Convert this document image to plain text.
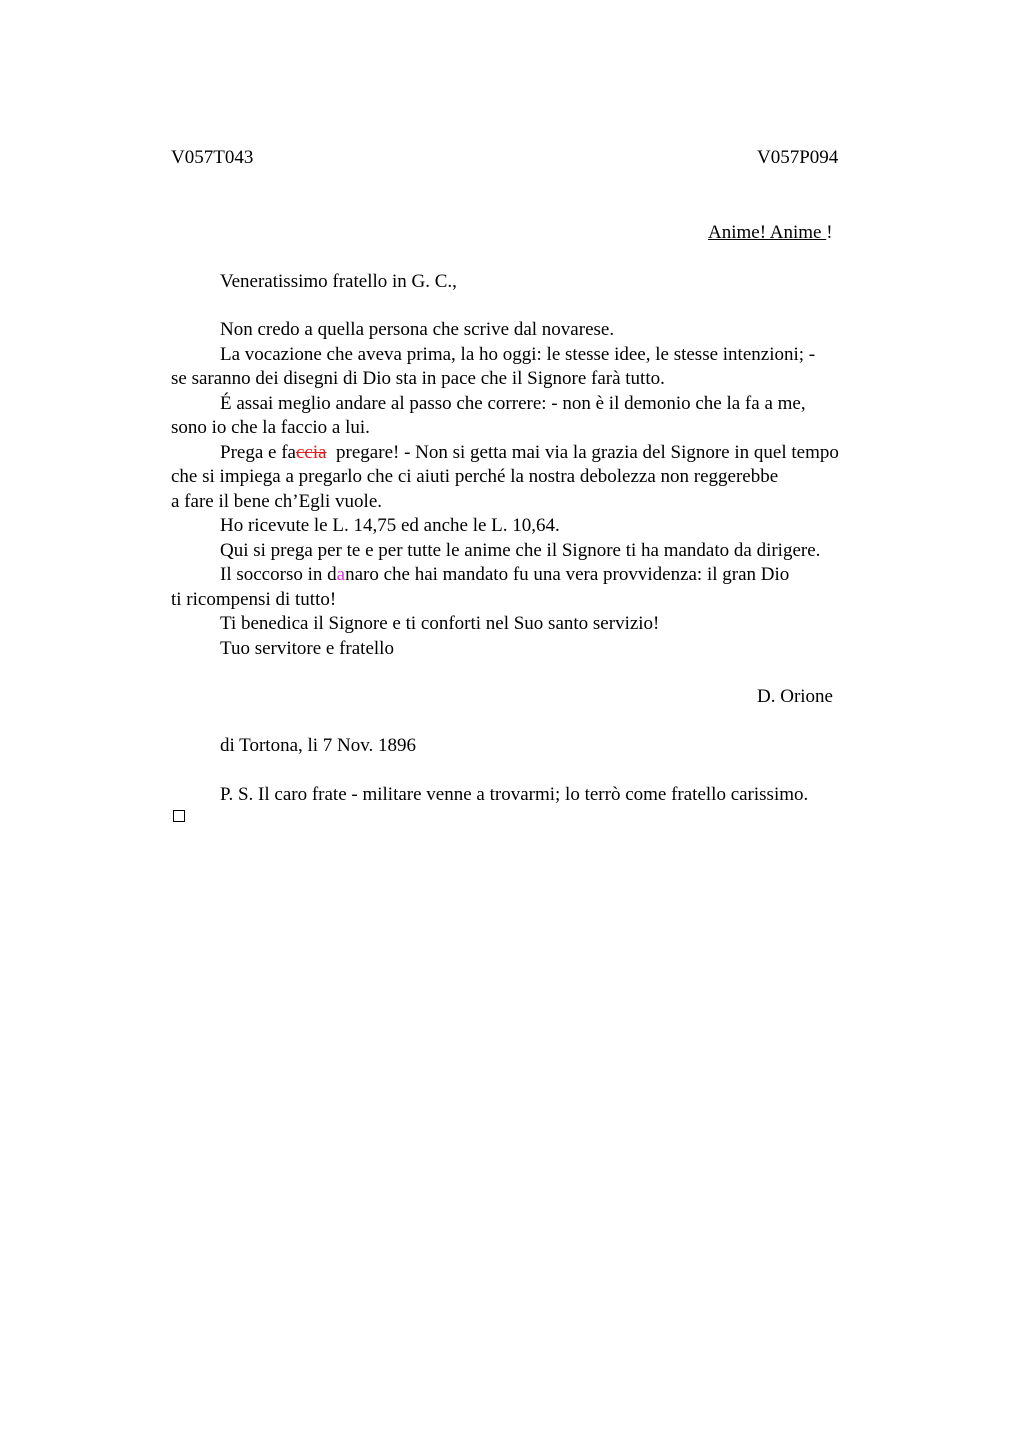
V057T043	V057P094
Anime! Anime !
Veneratissimo fratello in G. C.,
Non credo a quella persona che scrive dal novarese.
La vocazione che aveva prima, la ho oggi: le stesse idee, le stesse intenzioni; -
se saranno dei disegni di Dio sta in pace che il Signore farà tutto.
É assai meglio andare al passo che correre: - non è il demonio che la fa a me,
sono io che la faccio a lui.
Prega e faccia  pregare! - Non si getta mai via la grazia del Signore in quel tempo
che si impiega a pregarlo che ci aiuti perché la nostra debolezza non reggerebbe
a fare il bene ch’Egli vuole.
Ho ricevute le L. 14,75 ed anche le L. 10,64.
Qui si prega per te e per tutte le anime che il Signore ti ha mandato da dirigere.
Il soccorso in danaro che hai mandato fu una vera provvidenza: il gran Dio
ti ricompensi di tutto!
Ti benedica il Signore e ti conforti nel Suo santo servizio!
Tuo servitore e fratello
D. Orione
di Tortona, li 7 Nov. 1896
P. S. Il caro frate - militare venne a trovarmi; lo terrò come fratello carissimo.
